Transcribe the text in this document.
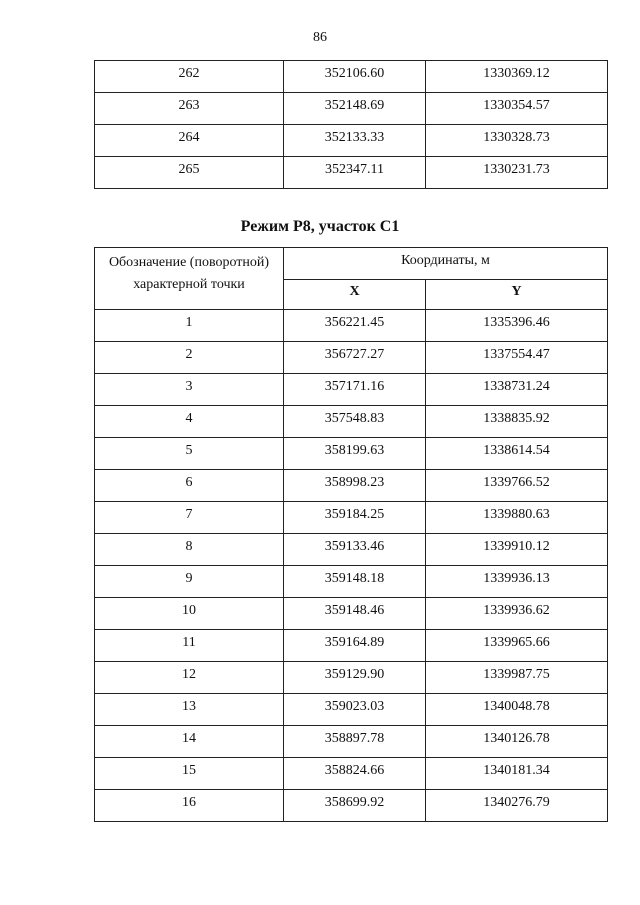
86
262	352106.60	1330369.12
263	352148.69	1330354.57
264	352133.33	1330328.73
265	352347.11	1330231.73
Режим Р8, участок С1
Обозначение (поворотной) характерной точки	Координаты, м	
	X	Y
1	356221.45	1335396.46
2	356727.27	1337554.47
3	357171.16	1338731.24
4	357548.83	1338835.92
5	358199.63	1338614.54
6	358998.23	1339766.52
7	359184.25	1339880.63
8	359133.46	1339910.12
9	359148.18	1339936.13
10	359148.46	1339936.62
11	359164.89	1339965.66
12	359129.90	1339987.75
13	359023.03	1340048.78
14	358897.78	1340126.78
15	358824.66	1340181.34
16	358699.92	1340276.79
